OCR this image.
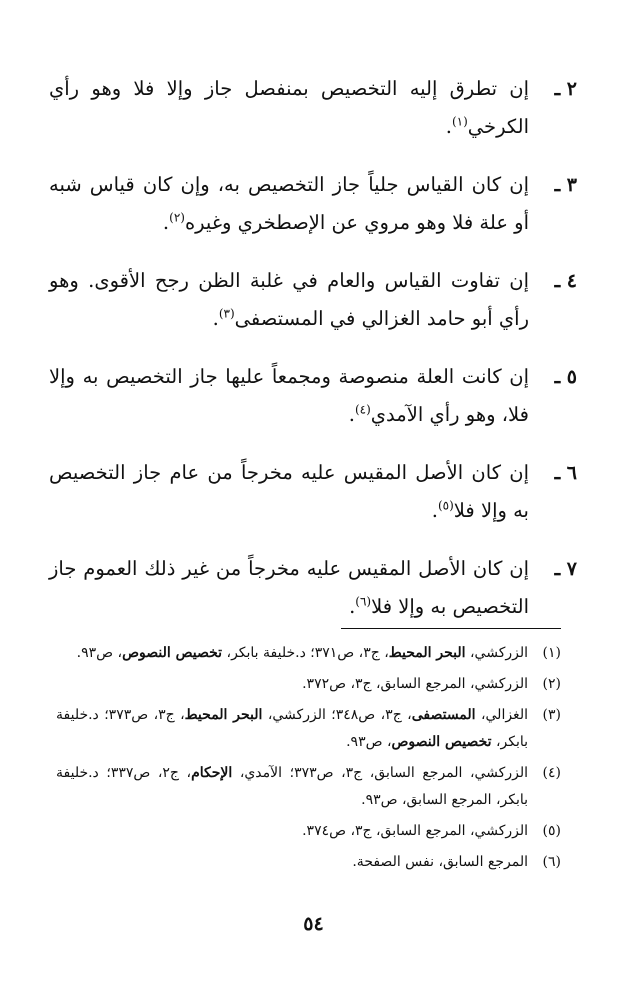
٢ ـ
إن تطرق إليه التخصيص بمنفصل جاز وإلا فلا وهو رأي الكرخي$^{(١)}$.
٣ ـ
إن كان القياس جلياً جاز التخصيص به، وإن كان قياس شبه أو علة فلا وهو مروي عن الإصطخري وغيره$^{(٢)}$.
٤ ـ
إن تفاوت القياس والعام في غلبة الظن رجح الأقوى. وهو رأي أبو حامد الغزالي في المستصفى$^{(٣)}$.
٥ ـ
إن كانت العلة منصوصة ومجمعاً عليها جاز التخصيص به وإلا فلا، وهو رأي الآمدي$^{(٤)}$.
٦ ـ
إن كان الأصل المقيس عليه مخرجاً من عام جاز التخصيص به وإلا فلا$^{(٥)}$.
٧ ـ
إن كان الأصل المقيس عليه مخرجاً من غير ذلك العموم جاز التخصيص به وإلا فلا$^{(٦)}$.
(١)
الزركشي، البحر المحيط، ج٣، ص٣٧١؛ د.خليفة بابكر، تخصيص النصوص، ص٩٣.
(٢)
الزركشي، المرجع السابق، ج٣، ص٣٧٢.
(٣)
الغزالي، المستصفى، ج٣، ص٣٤٨؛ الزركشي، البحر المحيط، ج٣، ص٣٧٣؛ د.خليفة بابكر، تخصيص النصوص، ص٩٣.
(٤)
الزركشي، المرجع السابق، ج٣، ص٣٧٣؛ الآمدي، الإحكام، ج٢، ص٣٣٧؛ د.خليفة بابكر، المرجع السابق، ص٩٣.
(٥)
الزركشي، المرجع السابق، ج٣، ص٣٧٤.
(٦)
المرجع السابق، نفس الصفحة.
٥٤
